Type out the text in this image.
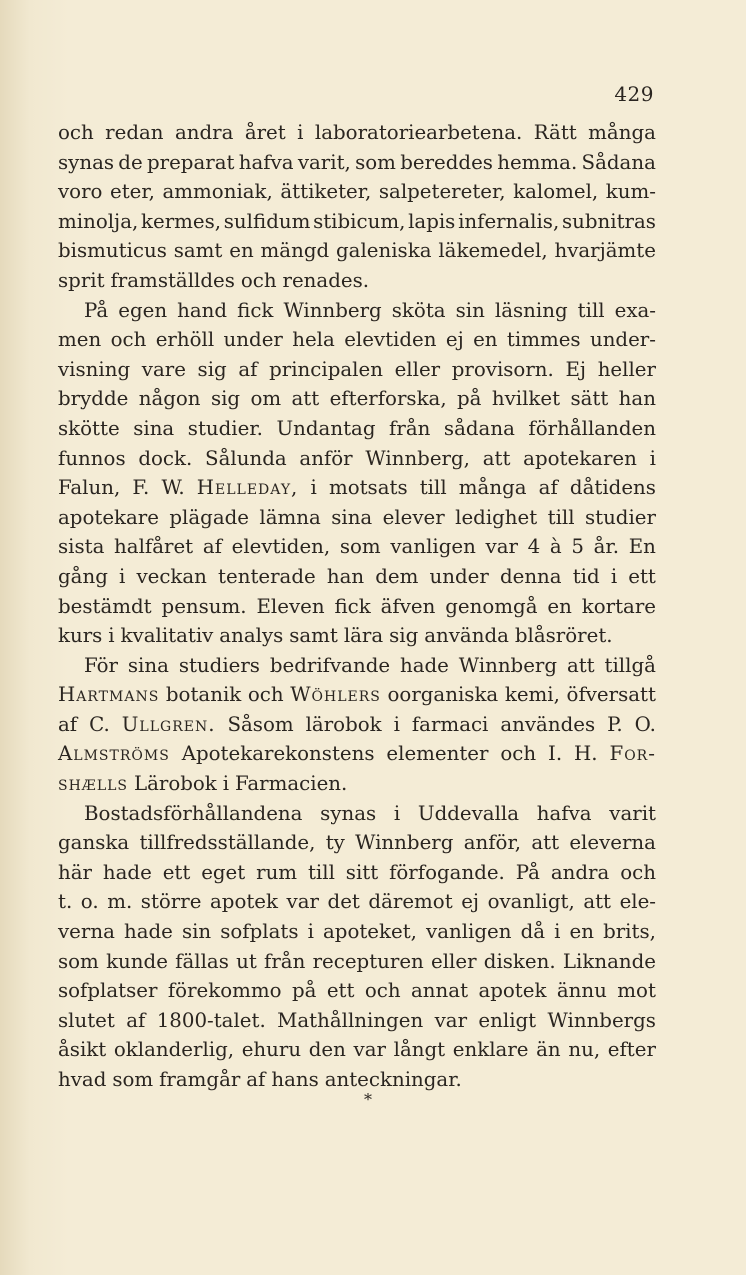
429
och redan andra året i laboratoriearbetena. Rätt många
synas de preparat hafva varit, som bereddes hemma. Sådana
voro eter, ammoniak, ättiketer, salpetereter, kalomel, kum-
minolja, kermes, sulfidum stibicum, lapis infernalis, subnitras
bismuticus samt en mängd galeniska läkemedel, hvarjämte
sprit framställdes och renades.
På egen hand fick Winnberg sköta sin läsning till exa-
men och erhöll under hela elevtiden ej en timmes under-
visning vare sig af principalen eller provisorn. Ej heller
brydde någon sig om att efterforska, på hvilket sätt han
skötte sina studier. Undantag från sådana förhållanden
funnos dock. Sålunda anför Winnberg, att apotekaren i
Falun, F. W. Helleday, i motsats till många af dåtidens
apotekare plägade lämna sina elever ledighet till studier
sista halfåret af elevtiden, som vanligen var 4 à 5 år. En
gång i veckan tenterade han dem under denna tid i ett
bestämdt pensum. Eleven fick äfven genomgå en kortare
kurs i kvalitativ analys samt lära sig använda blåsröret.
För sina studiers bedrifvande hade Winnberg att tillgå
Hartmans botanik och Wöhlers oorganiska kemi, öfversatt
af C. Ullgren. Såsom lärobok i farmaci användes P. O.
Almströms Apotekarekonstens elementer och I. H. For-
shælls Lärobok i Farmacien.
Bostadsförhållandena synas i Uddevalla hafva varit
ganska tillfredsställande, ty Winnberg anför, att eleverna
här hade ett eget rum till sitt förfogande. På andra och
t. o. m. större apotek var det däremot ej ovanligt, att ele-
verna hade sin sofplats i apoteket, vanligen då i en brits,
som kunde fällas ut från recepturen eller disken. Liknande
sofplatser förekommo på ett och annat apotek ännu mot
slutet af 1800-talet. Mathållningen var enligt Winnbergs
åsikt oklanderlig, ehuru den var långt enklare än nu, efter
hvad som framgår af hans anteckningar.
*
